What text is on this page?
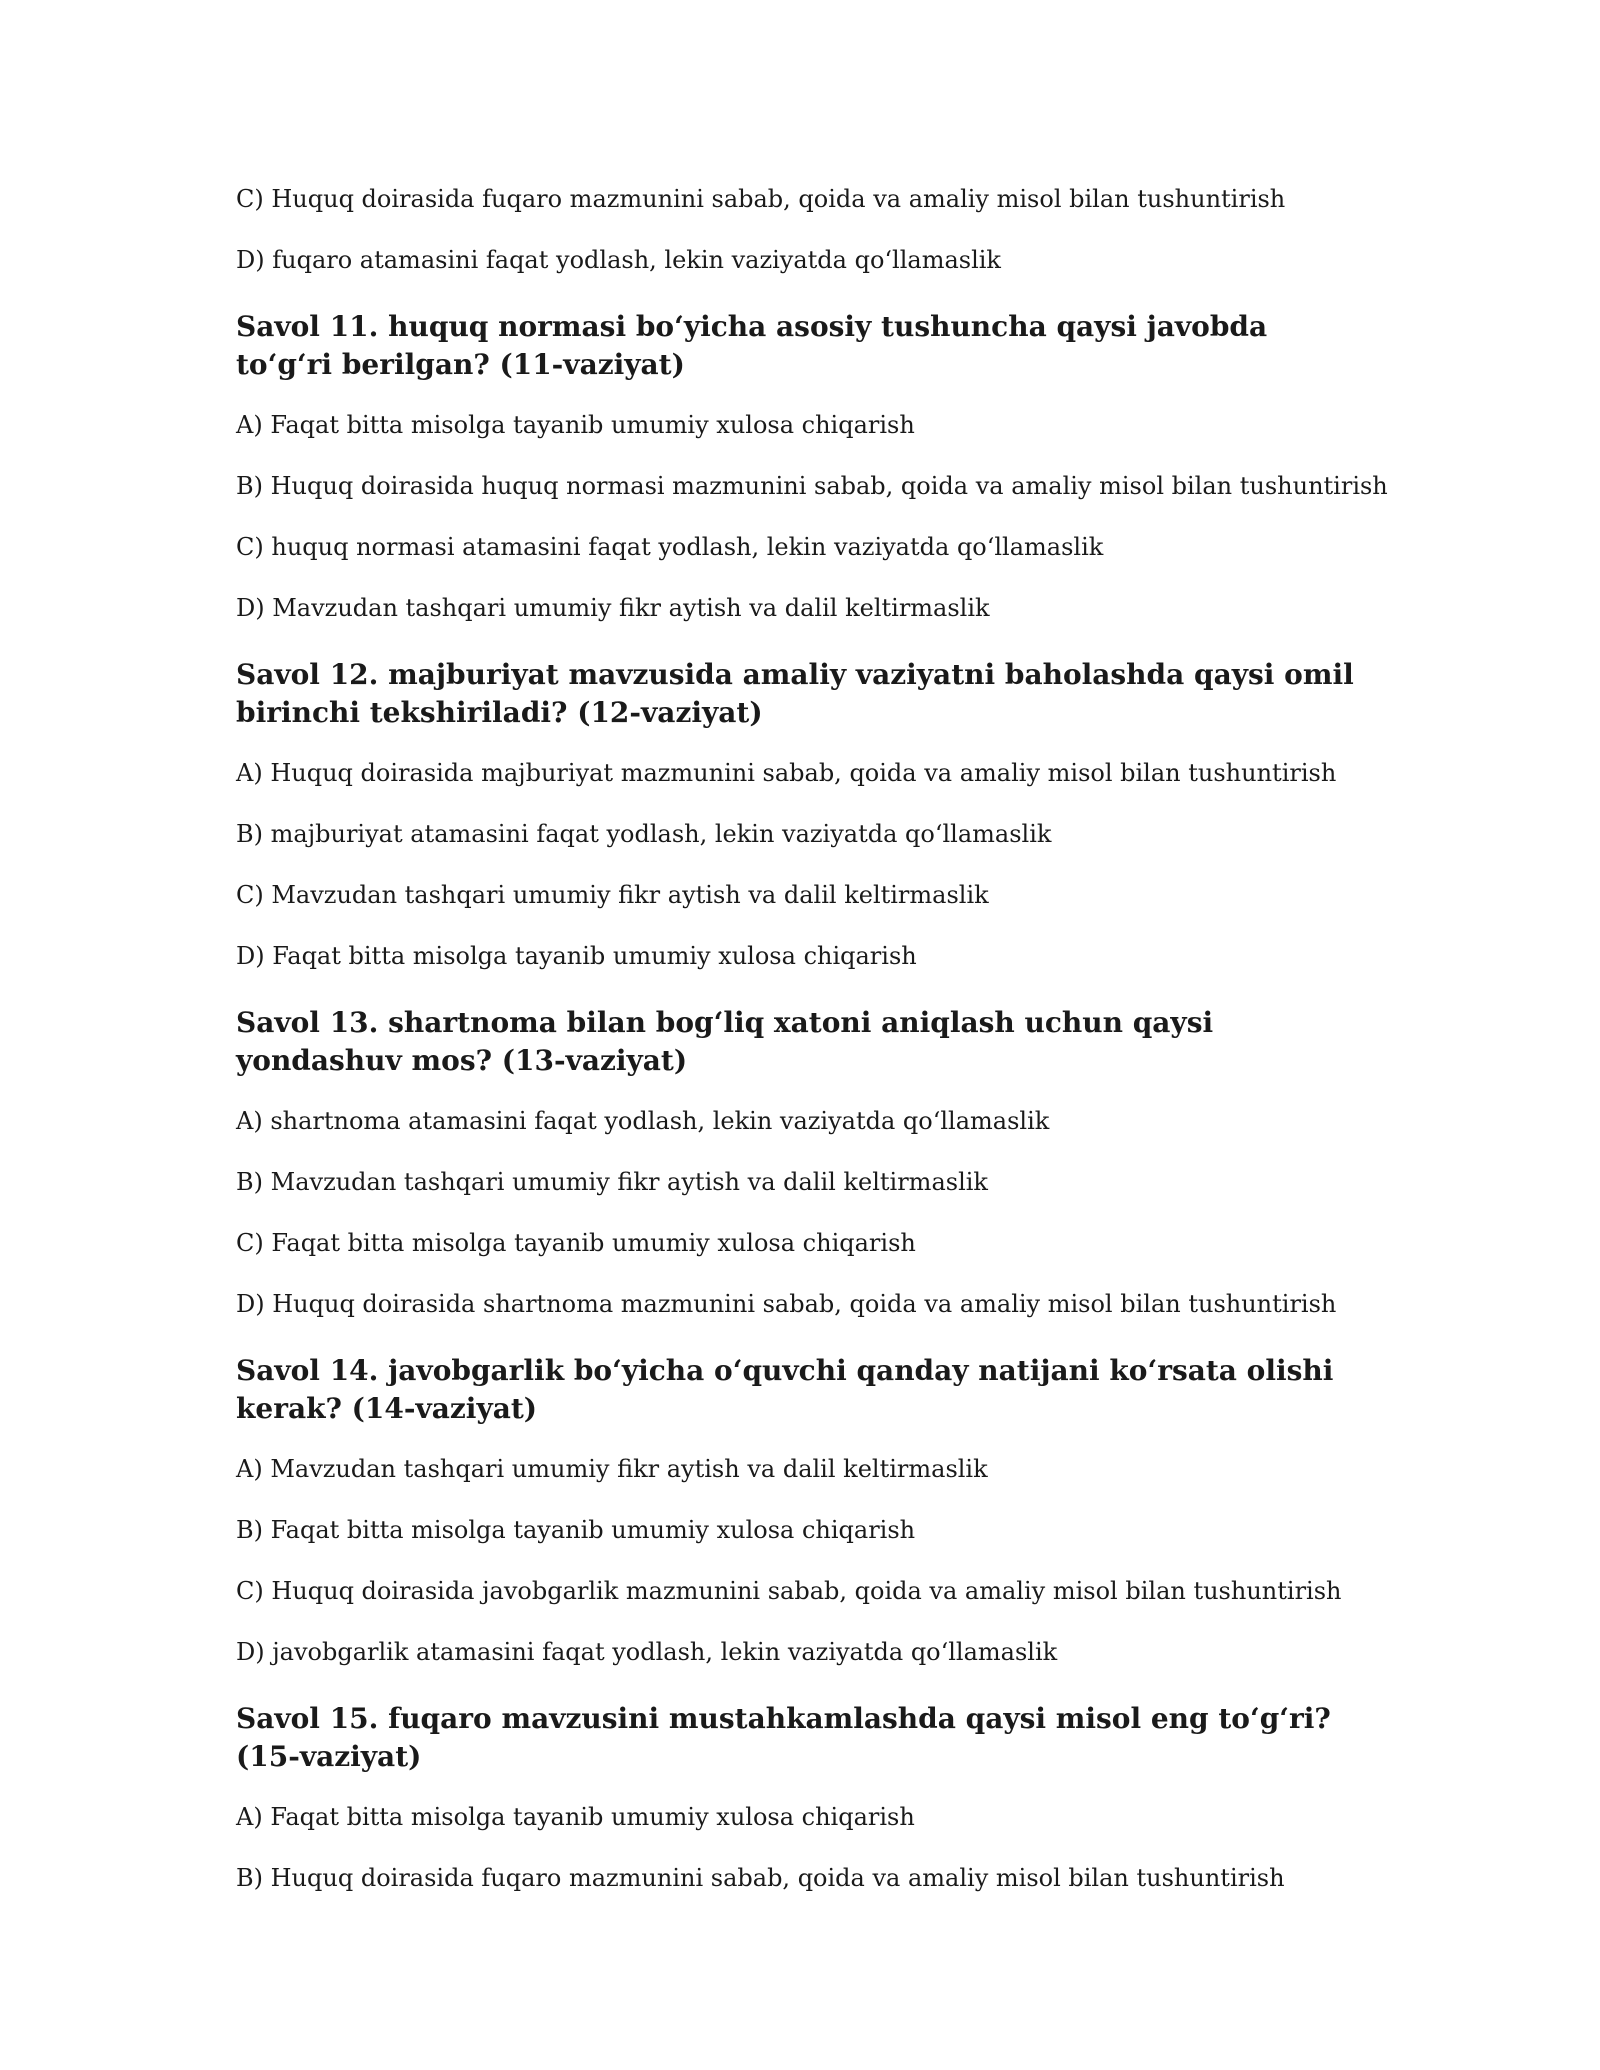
C) Huquq doirasida fuqaro mazmunini sabab, qoida va amaliy misol bilan tushuntirish

D) fuqaro atamasini faqat yodlash, lekin vaziyatda qo‘llamaslik

Savol 11. huquq normasi bo‘yicha asosiy tushuncha qaysi javobda to‘g‘ri berilgan? (11-vaziyat)

A) Faqat bitta misolga tayanib umumiy xulosa chiqarish

B) Huquq doirasida huquq normasi mazmunini sabab, qoida va amaliy misol bilan tushuntirish

C) huquq normasi atamasini faqat yodlash, lekin vaziyatda qo‘llamaslik

D) Mavzudan tashqari umumiy fikr aytish va dalil keltirmaslik

Savol 12. majburiyat mavzusida amaliy vaziyatni baholashda qaysi omil birinchi tekshiriladi? (12-vaziyat)

A) Huquq doirasida majburiyat mazmunini sabab, qoida va amaliy misol bilan tushuntirish

B) majburiyat atamasini faqat yodlash, lekin vaziyatda qo‘llamaslik

C) Mavzudan tashqari umumiy fikr aytish va dalil keltirmaslik

D) Faqat bitta misolga tayanib umumiy xulosa chiqarish

Savol 13. shartnoma bilan bog‘liq xatoni aniqlash uchun qaysi yondashuv mos? (13-vaziyat)

A) shartnoma atamasini faqat yodlash, lekin vaziyatda qo‘llamaslik

B) Mavzudan tashqari umumiy fikr aytish va dalil keltirmaslik

C) Faqat bitta misolga tayanib umumiy xulosa chiqarish

D) Huquq doirasida shartnoma mazmunini sabab, qoida va amaliy misol bilan tushuntirish

Savol 14. javobgarlik bo‘yicha o‘quvchi qanday natijani ko‘rsata olishi kerak? (14-vaziyat)

A) Mavzudan tashqari umumiy fikr aytish va dalil keltirmaslik

B) Faqat bitta misolga tayanib umumiy xulosa chiqarish

C) Huquq doirasida javobgarlik mazmunini sabab, qoida va amaliy misol bilan tushuntirish

D) javobgarlik atamasini faqat yodlash, lekin vaziyatda qo‘llamaslik

Savol 15. fuqaro mavzusini mustahkamlashda qaysi misol eng to‘g‘ri? (15-vaziyat)

A) Faqat bitta misolga tayanib umumiy xulosa chiqarish

B) Huquq doirasida fuqaro mazmunini sabab, qoida va amaliy misol bilan tushuntirish
